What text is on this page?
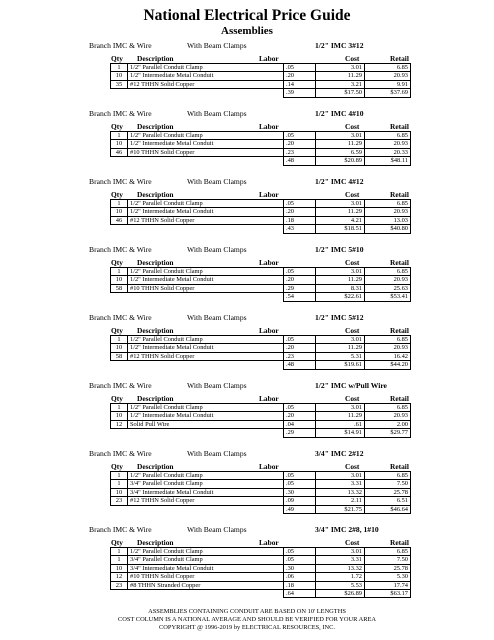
National Electrical Price Guide
Assemblies
Branch IMC & Wire	With Beam Clamps	1/2" IMC 3#12
Qty Description	Labor	Cost	Retail
1	1/2" Parallel Conduit Clamp	.05	3.01	6.85
10	1/2" Intermediate Metal Conduit	.20	11.29	20.93
35	#12 THHN Solid Copper	.14	3.21	9.91
		.39	$17.50	$37.69
Branch IMC & Wire	With Beam Clamps	1/2" IMC 4#10
Qty Description	Labor	Cost	Retail
1	1/2" Parallel Conduit Clamp	.05	3.01	6.85
10	1/2" Intermediate Metal Conduit	.20	11.29	20.93
46	#10 THHN Solid Copper	.23	6.59	20.33
		.48	$20.89	$48.11
Branch IMC & Wire	With Beam Clamps	1/2" IMC 4#12
Qty Description	Labor	Cost	Retail
1	1/2" Parallel Conduit Clamp	.05	3.01	6.85
10	1/2" Intermediate Metal Conduit	.20	11.29	20.93
46	#12 THHN Solid Copper	.18	4.21	13.03
		.43	$18.51	$40.80
Branch IMC & Wire	With Beam Clamps	1/2" IMC 5#10
Qty Description	Labor	Cost	Retail
1	1/2" Parallel Conduit Clamp	.05	3.01	6.85
10	1/2" Intermediate Metal Conduit	.20	11.29	20.93
58	#10 THHN Solid Copper	.29	8.31	25.63
		.54	$22.61	$53.41
Branch IMC & Wire	With Beam Clamps	1/2" IMC 5#12
Qty Description	Labor	Cost	Retail
1	1/2" Parallel Conduit Clamp	.05	3.01	6.85
10	1/2" Intermediate Metal Conduit	.20	11.29	20.93
58	#12 THHN Solid Copper	.23	5.31	16.42
		.48	$19.61	$44.20
Branch IMC & Wire	With Beam Clamps	1/2" IMC w/Pull Wire
Qty Description	Labor	Cost	Retail
1	1/2" Parallel Conduit Clamp	.05	3.01	6.85
10	1/2" Intermediate Metal Conduit	.20	11.29	20.93
12	Solid Pull Wire	.04	.61	2.00
		.29	$14.91	$29.77
Branch IMC & Wire	With Beam Clamps	3/4" IMC 2#12
Qty Description	Labor	Cost	Retail
1	1/2" Parallel Conduit Clamp	.05	3.01	6.85
1	3/4" Parallel Conduit Clamp	.05	3.31	7.50
10	3/4" Intermediate Metal Conduit	.30	13.32	25.78
23	#12 THHN Solid Copper	.09	2.11	6.51
		.49	$21.75	$46.64
Branch IMC & Wire	With Beam Clamps	3/4" IMC 2#8, 1#10
Qty Description	Labor	Cost	Retail
1	1/2" Parallel Conduit Clamp	.05	3.01	6.85
1	3/4" Parallel Conduit Clamp	.05	3.31	7.50
10	3/4" Intermediate Metal Conduit	.30	13.32	25.78
12	#10 THHN Solid Copper	.06	1.72	5.30
23	#8 THHN Stranded Copper	.18	5.53	17.74
		.64	$26.89	$63.17
ASSEMBLIES CONTAINING CONDUIT ARE BASED ON 10' LENGTHS
COST COLUMN IS A NATIONAL AVERAGE AND SHOULD BE VERIFIED FOR YOUR AREA
COPYRIGHT @ 1996-2019 by ELECTRICAL RESOURCES, INC.
